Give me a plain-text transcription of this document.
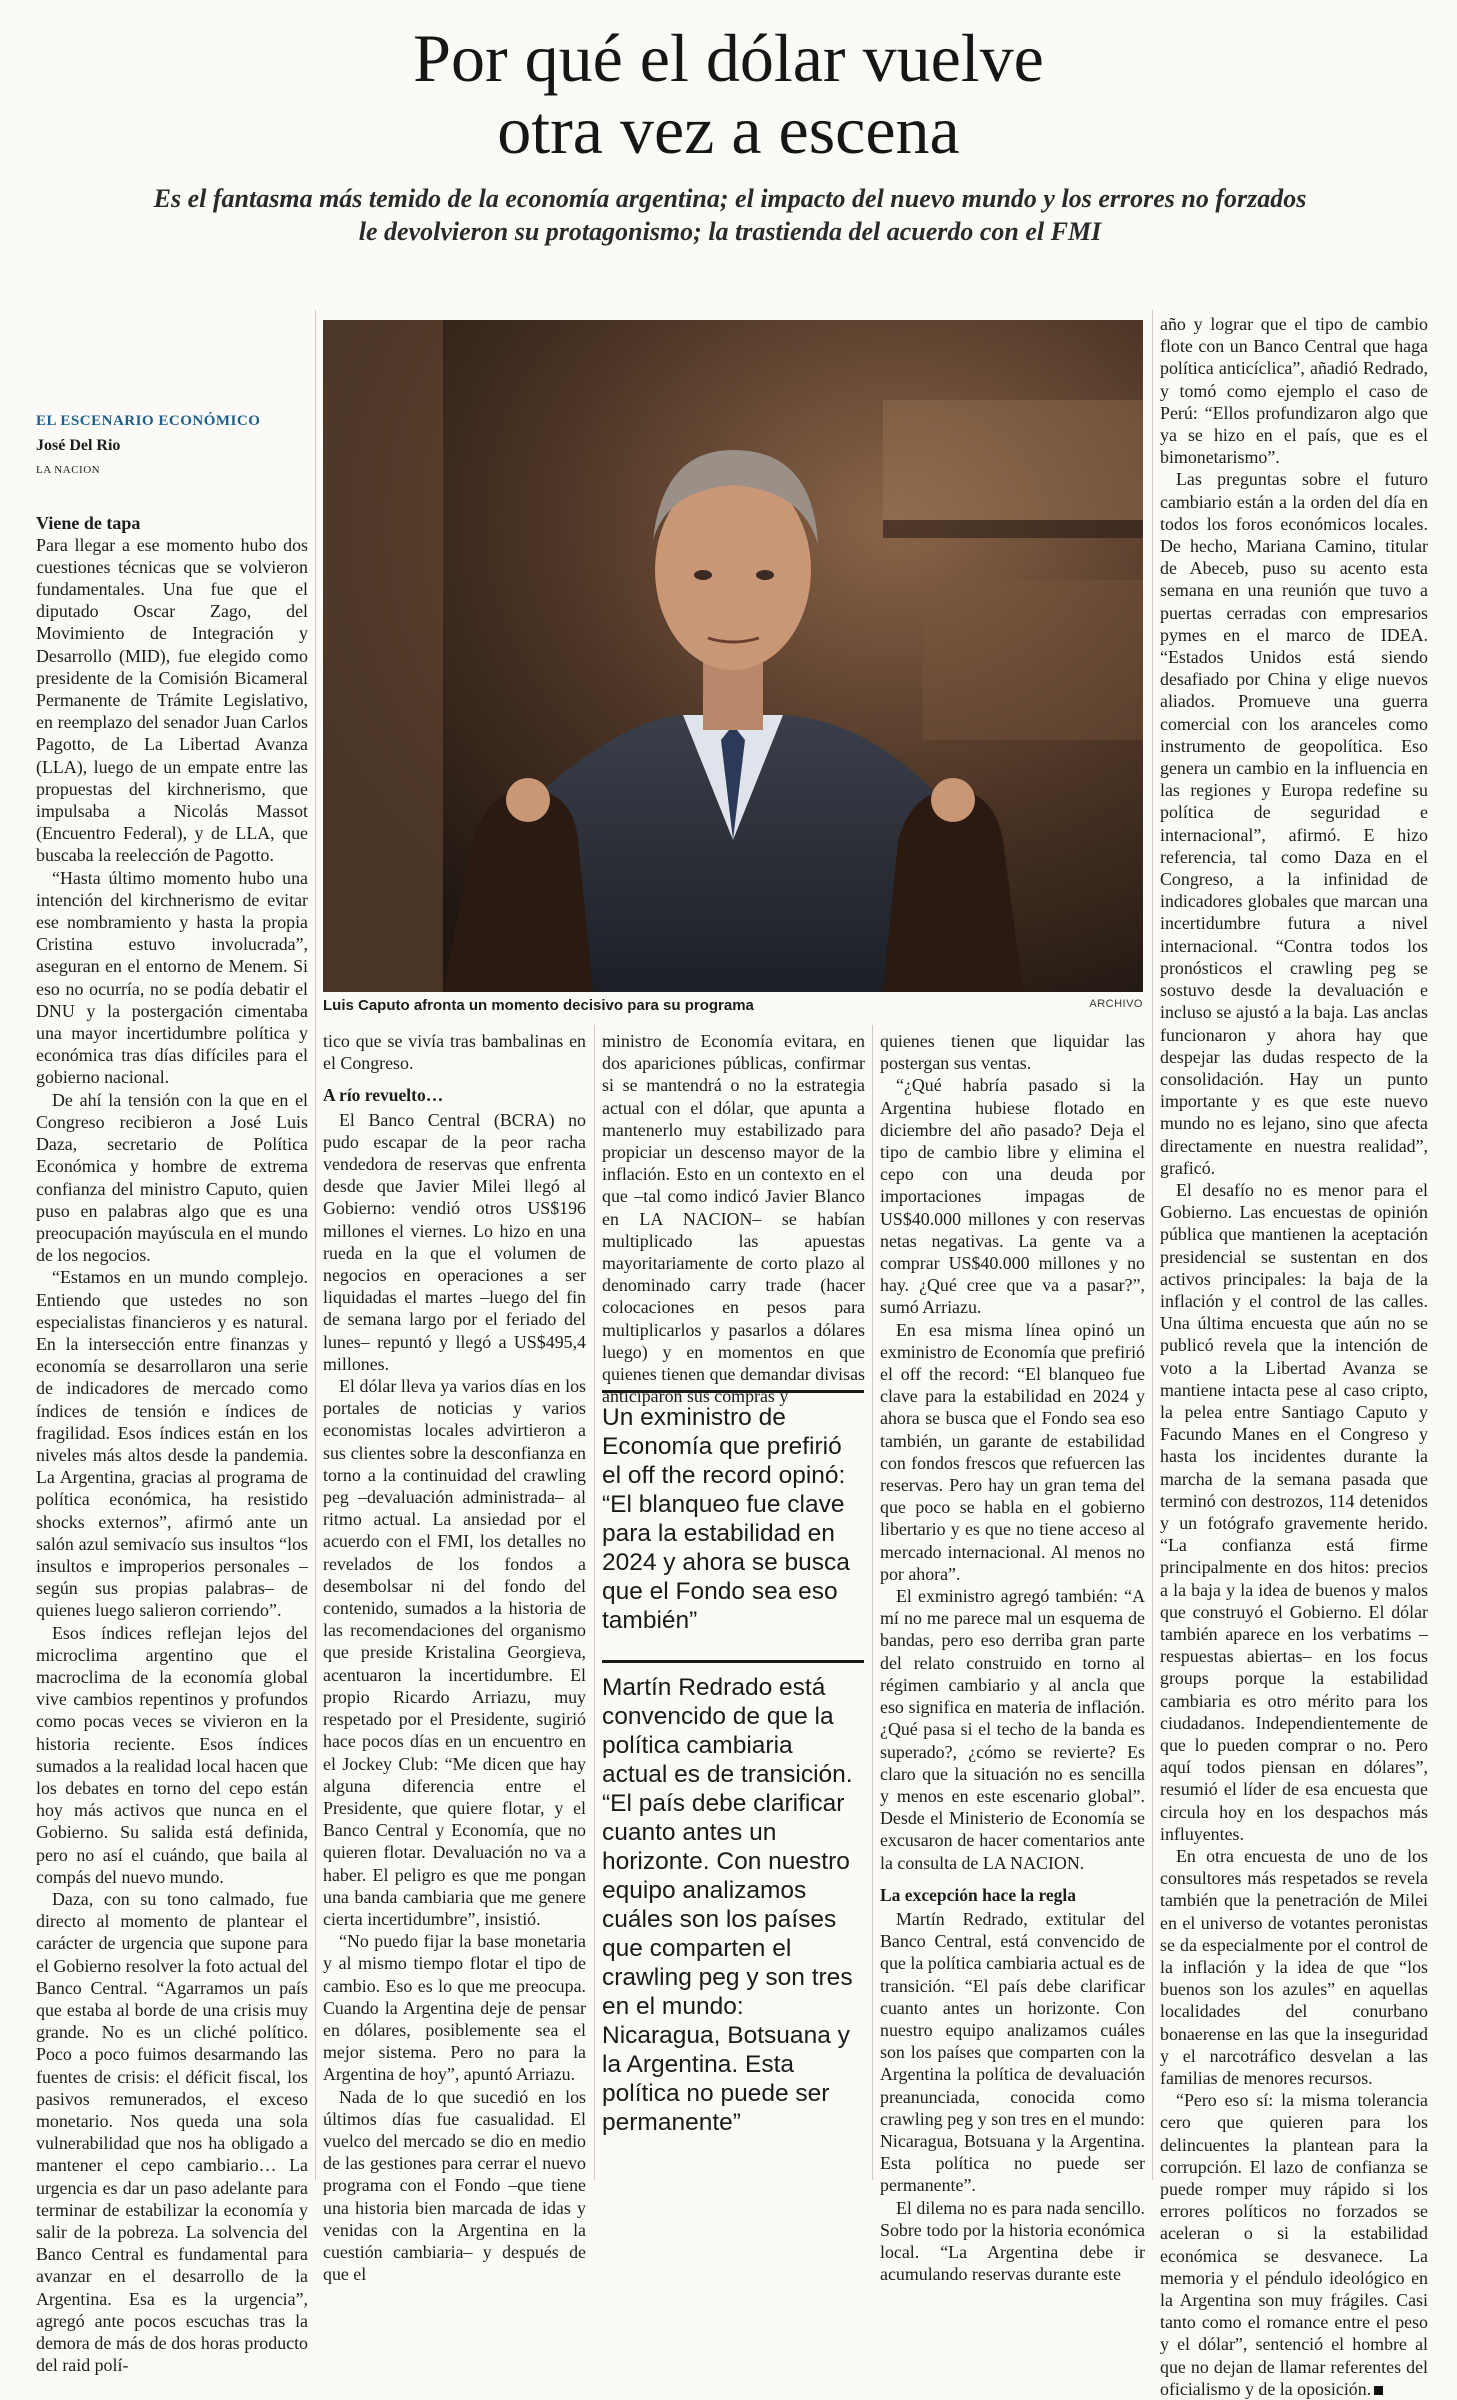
Por qué el dólar vuelve
otra vez a escena
Es el fantasma más temido de la economía argentina; el impacto del nuevo mundo y los errores no forzados le devolvieron su protagonismo; la trastienda del acuerdo con el FMI
EL ESCENARIO ECONÓMICO
José Del Rio
LA NACION
Viene de tapa

Para llegar a ese momento hubo dos cuestiones técnicas que se volvieron fundamentales. Una fue que el diputado Oscar Zago, del Movimiento de Integración y Desarrollo (MID), fue elegido como presidente de la Comisión Bicameral Permanente de Trámite Legislativo, en reemplazo del senador Juan Carlos Pagotto, de La Libertad Avanza (LLA), luego de un empate entre las propuestas del kirchnerismo, que impulsaba a Nicolás Massot (Encuentro Federal), y de LLA, que buscaba la reelección de Pagotto.

“Hasta último momento hubo una intención del kirchnerismo de evitar ese nombramiento y hasta la propia Cristina estuvo involucrada”, aseguran en el entorno de Menem. Si eso no ocurría, no se podía debatir el DNU y la postergación cimentaba una mayor incertidumbre política y económica tras días difíciles para el gobierno nacional.

De ahí la tensión con la que en el Congreso recibieron a José Luis Daza, secretario de Política Económica y hombre de extrema confianza del ministro Caputo, quien puso en palabras algo que es una preocupación mayúscula en el mundo de los negocios.

“Estamos en un mundo complejo. Entiendo que ustedes no son especialistas financieros y es natural. En la intersección entre finanzas y economía se desarrollaron una serie de indicadores de mercado como índices de tensión e índices de fragilidad. Esos índices están en los niveles más altos desde la pandemia. La Argentina, gracias al programa de política económica, ha resistido shocks externos”, afirmó ante un salón azul semivacío sus insultos “los insultos e improperios personales –según sus propias palabras– de quienes luego salieron corriendo”.

Esos índices reflejan lejos del microclima argentino que el macroclima de la economía global vive cambios repentinos y profundos como pocas veces se vivieron en la historia reciente. Esos índices sumados a la realidad local hacen que los debates en torno del cepo están hoy más activos que nunca en el Gobierno. Su salida está definida, pero no así el cuándo, que baila al compás del nuevo mundo.

Daza, con su tono calmado, fue directo al momento de plantear el carácter de urgencia que supone para el Gobierno resolver la foto actual del Banco Central. “Agarramos un país que estaba al borde de una crisis muy grande. No es un cliché político. Poco a poco fuimos desarmando las fuentes de crisis: el déficit fiscal, los pasivos remunerados, el exceso monetario. Nos queda una sola vulnerabilidad que nos ha obligado a mantener el cepo cambiario… La urgencia es dar un paso adelante para terminar de estabilizar la economía y salir de la pobreza. La solvencia del Banco Central es fundamental para avanzar en el desarrollo de la Argentina. Esa es la urgencia”, agregó ante pocos escuchas tras la demora de más de dos horas producto del raid polí-

Luis Caputo afronta un momento decisivo para su programa	ARCHIVO

tico que se vivía tras bambalinas en el Congreso.

A río revuelto…

El Banco Central (BCRA) no pudo escapar de la peor racha vendedora de reservas que enfrenta desde que Javier Milei llegó al Gobierno: vendió otros US$196 millones el viernes. Lo hizo en una rueda en la que el volumen de negocios en operaciones a ser liquidadas el martes –luego del fin de semana largo por el feriado del lunes– repuntó y llegó a US$495,4 millones.

El dólar lleva ya varios días en los portales de noticias y varios economistas locales advirtieron a sus clientes sobre la desconfianza en torno a la continuidad del crawling peg –devaluación administrada– al ritmo actual. La ansiedad por el acuerdo con el FMI, los detalles no revelados de los fondos a desembolsar ni del fondo del contenido, sumados a la historia de las recomendaciones del organismo que preside Kristalina Georgieva, acentuaron la incertidumbre. El propio Ricardo Arriazu, muy respetado por el Presidente, sugirió hace pocos días en un encuentro en el Jockey Club: “Me dicen que hay alguna diferencia entre el Presidente, que quiere flotar, y el Banco Central y Economía, que no quieren flotar. Devaluación no va a haber. El peligro es que me pongan una banda cambiaria que me genere cierta incertidumbre”, insistió.

“No puedo fijar la base monetaria y al mismo tiempo flotar el tipo de cambio. Eso es lo que me preocupa. Cuando la Argentina deje de pensar en dólares, posiblemente sea el mejor sistema. Pero no para la Argentina de hoy”, apuntó Arriazu.

Nada de lo que sucedió en los últimos días fue casualidad. El vuelco del mercado se dio en medio de las gestiones para cerrar el nuevo programa con el Fondo –que tiene una historia bien marcada de idas y venidas con la Argentina en la cuestión cambiaria– y después de que el

ministro de Economía evitara, en dos apariciones públicas, confirmar si se mantendrá o no la estrategia actual con el dólar, que apunta a mantenerlo muy estabilizado para propiciar un descenso mayor de la inflación. Esto en un contexto en el que –tal como indicó Javier Blanco en LA NACION– se habían multiplicado las apuestas mayoritariamente de corto plazo al denominado carry trade (hacer colocaciones en pesos para multiplicarlos y pasarlos a dólares luego) y en momentos en que quienes tienen que demandar divisas anticiparon sus compras y

Un exministro de Economía que prefirió el off the record opinó: “El blanqueo fue clave para la estabilidad en 2024 y ahora se busca que el Fondo sea eso también”
Martín Redrado está convencido de que la política cambiaria actual es de transición. “El país debe clarificar cuanto antes un horizonte. Con nuestro equipo analizamos cuáles son los países que comparten el crawling peg y son tres en el mundo: Nicaragua, Botsuana y la Argentina. Esta política no puede ser permanente”

quienes tienen que liquidar las postergan sus ventas.

“¿Qué habría pasado si la Argentina hubiese flotado en diciembre del año pasado? Deja el tipo de cambio libre y elimina el cepo con una deuda por importaciones impagas de US$40.000 millones y con reservas netas negativas. La gente va a comprar US$40.000 millones y no hay. ¿Qué cree que va a pasar?”, sumó Arriazu.

En esa misma línea opinó un exministro de Economía que prefirió el off the record: “El blanqueo fue clave para la estabilidad en 2024 y ahora se busca que el Fondo sea eso también, un garante de estabilidad con fondos frescos que refuercen las reservas. Pero hay un gran tema del que poco se habla en el gobierno libertario y es que no tiene acceso al mercado internacional. Al menos no por ahora”.

El exministro agregó también: “A mí no me parece mal un esquema de bandas, pero eso derriba gran parte del relato construido en torno al régimen cambiario y al ancla que eso significa en materia de inflación. ¿Qué pasa si el techo de la banda es superado?, ¿cómo se revierte? Es claro que la situación no es sencilla y menos en este escenario global”. Desde el Ministerio de Economía se excusaron de hacer comentarios ante la consulta de LA NACION.

La excepción hace la regla

Martín Redrado, extitular del Banco Central, está convencido de que la política cambiaria actual es de transición. “El país debe clarificar cuanto antes un horizonte. Con nuestro equipo analizamos cuáles son los países que comparten con la Argentina la política de devaluación preanunciada, conocida como crawling peg y son tres en el mundo: Nicaragua, Botsuana y la Argentina. Esta política no puede ser permanente”.

El dilema no es para nada sencillo. Sobre todo por la historia económica local. “La Argentina debe ir acumulando reservas durante este

año y lograr que el tipo de cambio flote con un Banco Central que haga política anticíclica”, añadió Redrado, y tomó como ejemplo el caso de Perú: “Ellos profundizaron algo que ya se hizo en el país, que es el bimonetarismo”.

Las preguntas sobre el futuro cambiario están a la orden del día en todos los foros económicos locales. De hecho, Mariana Camino, titular de Abeceb, puso su acento esta semana en una reunión que tuvo a puertas cerradas con empresarios pymes en el marco de IDEA. “Estados Unidos está siendo desafiado por China y elige nuevos aliados. Promueve una guerra comercial con los aranceles como instrumento de geopolítica. Eso genera un cambio en la influencia en las regiones y Europa redefine su política de seguridad e internacional”, afirmó. E hizo referencia, tal como Daza en el Congreso, a la infinidad de indicadores globales que marcan una incertidumbre futura a nivel internacional. “Contra todos los pronósticos el crawling peg se sostuvo desde la devaluación e incluso se ajustó a la baja. Las anclas funcionaron y ahora hay que despejar las dudas respecto de la consolidación. Hay un punto importante y es que este nuevo mundo no es lejano, sino que afecta directamente en nuestra realidad”, graficó.

El desafío no es menor para el Gobierno. Las encuestas de opinión pública que mantienen la aceptación presidencial se sustentan en dos activos principales: la baja de la inflación y el control de las calles. Una última encuesta que aún no se publicó revela que la intención de voto a la Libertad Avanza se mantiene intacta pese al caso cripto, la pelea entre Santiago Caputo y Facundo Manes en el Congreso y hasta los incidentes durante la marcha de la semana pasada que terminó con destrozos, 114 detenidos y un fotógrafo gravemente herido. “La confianza está firme principalmente en dos hitos: precios a la baja y la idea de buenos y malos que construyó el Gobierno. El dólar también aparece en los verbatims –respuestas abiertas– en los focus groups porque la estabilidad cambiaria es otro mérito para los ciudadanos. Independientemente de que lo pueden comprar o no. Pero aquí todos piensan en dólares”, resumió el líder de esa encuesta que circula hoy en los despachos más influyentes.

En otra encuesta de uno de los consultores más respetados se revela también que la penetración de Milei en el universo de votantes peronistas se da especialmente por el control de la inflación y la idea de que “los buenos son los azules” en aquellas localidades del conurbano bonaerense en las que la inseguridad y el narcotráfico desvelan a las familias de menores recursos.

“Pero eso sí: la misma tolerancia cero que quieren para los delincuentes la plantean para la corrupción. El lazo de confianza se puede romper muy rápido si los errores políticos no forzados se aceleran o si la estabilidad económica se desvanece. La memoria y el péndulo ideológico en la Argentina son muy frágiles. Casi tanto como el romance entre el peso y el dólar”, sentenció el hombre al que no dejan de llamar referentes del oficialismo y de la oposición.
